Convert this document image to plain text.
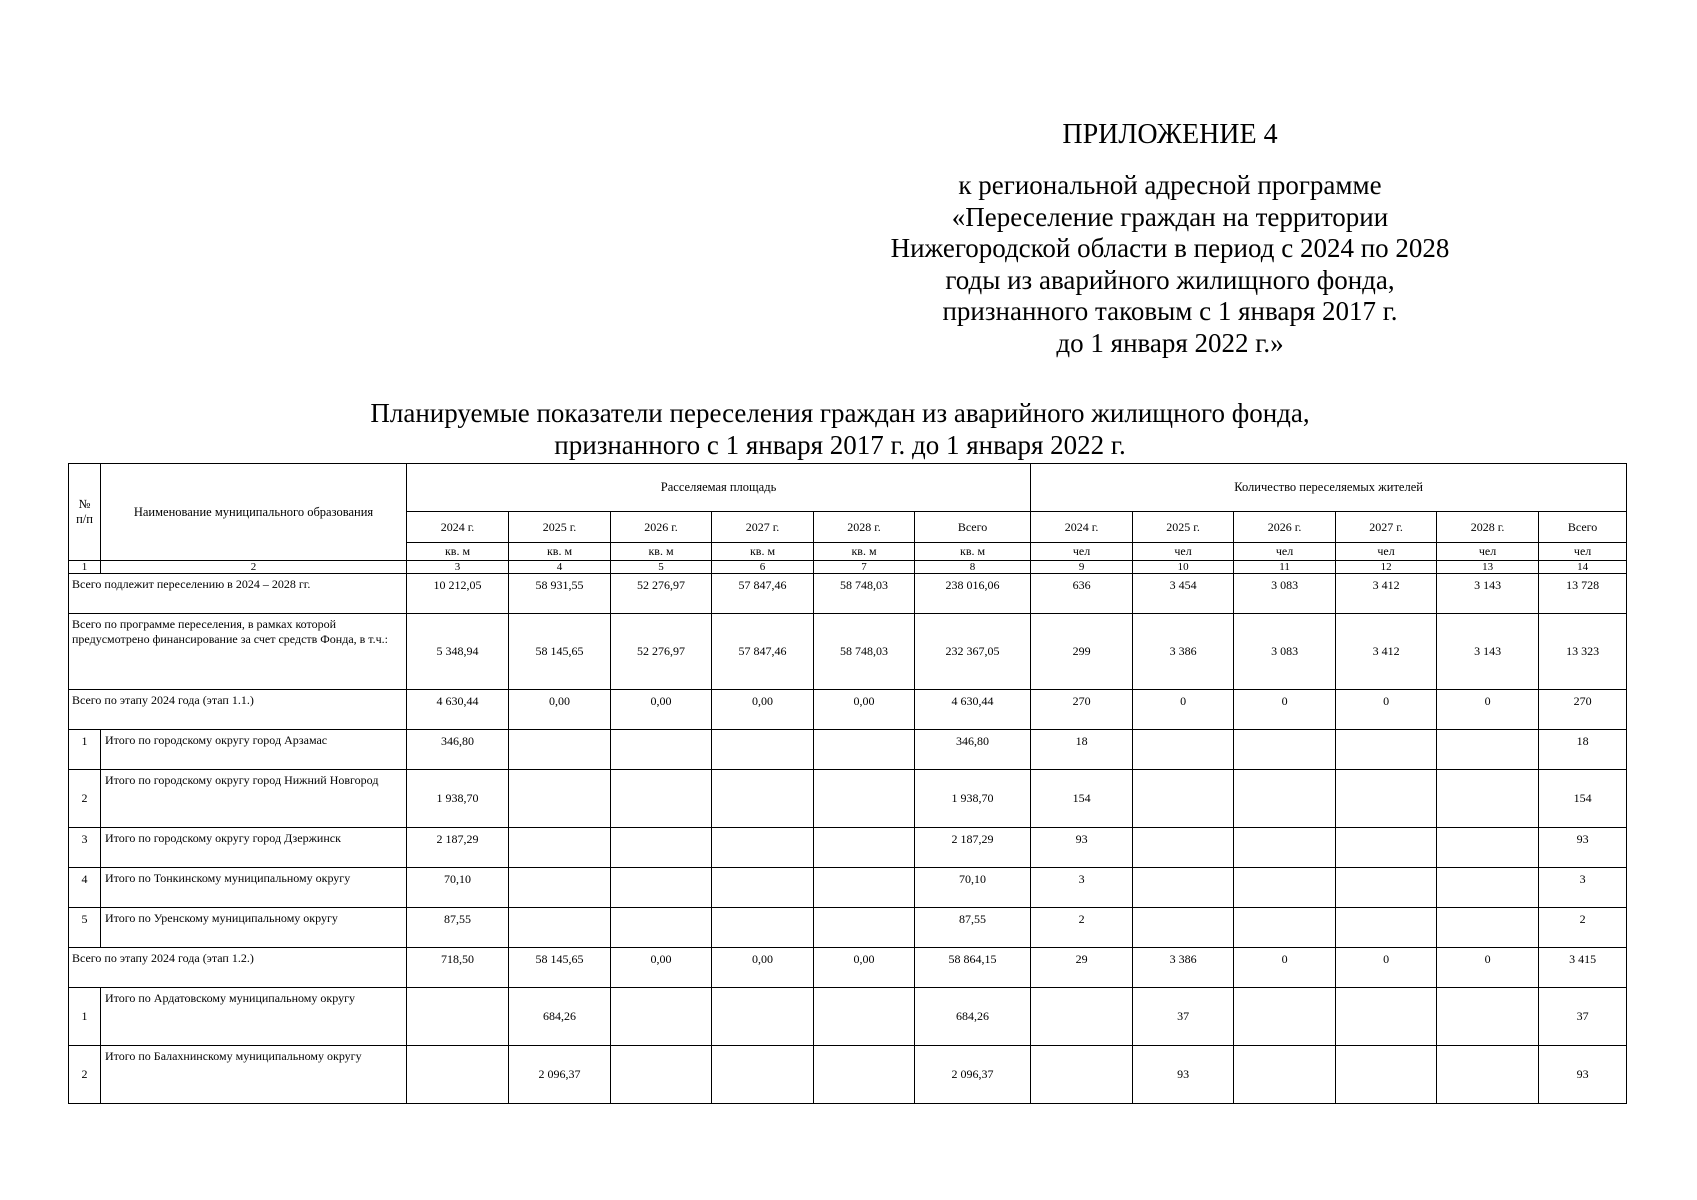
ПРИЛОЖЕНИЕ 4
к региональной адресной программе
«Переселение граждан на территории
Нижегородской области в период с 2024 по 2028
годы из аварийного жилищного фонда,
признанного таковым с 1 января 2017 г.
до 1 января 2022 г.»
Планируемые показатели переселения граждан из аварийного жилищного фонда,
признанного с 1 января 2017 г. до 1 января 2022 г.
№
п/п	Наименование муниципального образования	Расселяемая площадь						Количество переселяемых жителей					
		2024 г.	2025 г.	2026 г.	2027 г.	2028 г.	Всего	2024 г.	2025 г.	2026 г.	2027 г.	2028 г.	Всего
		кв. м	кв. м	кв. м	кв. м	кв. м	кв. м	чел	чел	чел	чел	чел	чел
1	2	3	4	5	6	7	8	9	10	11	12	13	14
Всего подлежит переселению в 2024 – 2028 гг.		10 212,05	58 931,55	52 276,97	57 847,46	58 748,03	238 016,06	636	3 454	3 083	3 412	3 143	13 728
Всего по программе переселения, в рамках которой предусмотрено финансирование за счет средств Фонда, в т.ч.:		5 348,94	58 145,65	52 276,97	57 847,46	58 748,03	232 367,05	299	3 386	3 083	3 412	3 143	13 323
Всего по этапу 2024 года (этап 1.1.)		4 630,44	0,00	0,00	0,00	0,00	4 630,44	270	0	0	0	0	270
1	Итого по городскому округу город Арзамас	346,80					346,80	18					18
2	Итого по городскому округу город Нижний Новгород	1 938,70					1 938,70	154					154
3	Итого по городскому округу город Дзержинск	2 187,29					2 187,29	93					93
4	Итого по Тонкинскому муниципальному округу	70,10					70,10	3					3
5	Итого по Уренскому муниципальному округу	87,55					87,55	2					2
Всего по этапу 2024 года (этап 1.2.)		718,50	58 145,65	0,00	0,00	0,00	58 864,15	29	3 386	0	0	0	3 415
1	Итого по Ардатовскому муниципальному округу		684,26				684,26		37				37
2	Итого по Балахнинскому муниципальному округу		2 096,37				2 096,37		93				93
